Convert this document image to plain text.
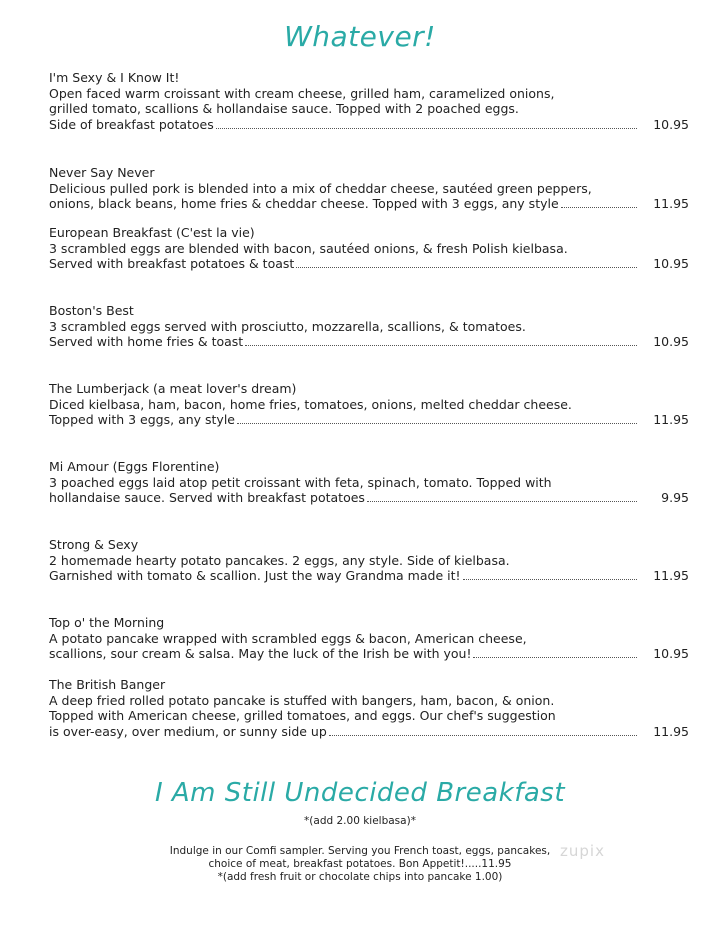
Whatever!
I'm Sexy & I Know It!
Open faced warm croissant with cream cheese, grilled ham, caramelized onions,
grilled tomato, scallions & hollandaise sauce. Topped with 2 poached eggs.
Side of breakfast potatoes	10.95
Never Say Never
Delicious pulled pork is blended into a mix of cheddar cheese, sautéed green peppers,
onions, black beans, home fries & cheddar cheese. Topped with 3 eggs, any style	11.95
European Breakfast (C'est la vie)
3 scrambled eggs are blended with bacon, sautéed onions, & fresh Polish kielbasa.
Served with breakfast potatoes & toast	10.95
Boston's Best
3 scrambled eggs served with prosciutto, mozzarella, scallions, & tomatoes.
Served with home fries & toast	10.95
The Lumberjack (a meat lover's dream)
Diced kielbasa, ham, bacon, home fries, tomatoes, onions, melted cheddar cheese.
Topped with 3 eggs, any style	11.95
Mi Amour (Eggs Florentine)
3 poached eggs laid atop petit croissant with feta, spinach, tomato. Topped with
hollandaise sauce. Served with breakfast potatoes	9.95
Strong & Sexy
2 homemade hearty potato pancakes. 2 eggs, any style. Side of kielbasa.
Garnished with tomato & scallion. Just the way Grandma made it!	11.95
Top o' the Morning
A potato pancake wrapped with scrambled eggs & bacon, American cheese,
scallions, sour cream & salsa. May the luck of the Irish be with you!	10.95
The British Banger
A deep fried rolled potato pancake is stuffed with bangers, ham, bacon, & onion.
Topped with American cheese, grilled tomatoes, and eggs. Our chef's suggestion
is over-easy, over medium, or sunny side up	11.95
I Am Still Undecided Breakfast
*(add 2.00 kielbasa)*
Indulge in our Comfi sampler. Serving you French toast, eggs, pancakes,
choice of meat, breakfast potatoes. Bon Appetit!.....11.95
*(add fresh fruit or chocolate chips into pancake 1.00)
zupix
